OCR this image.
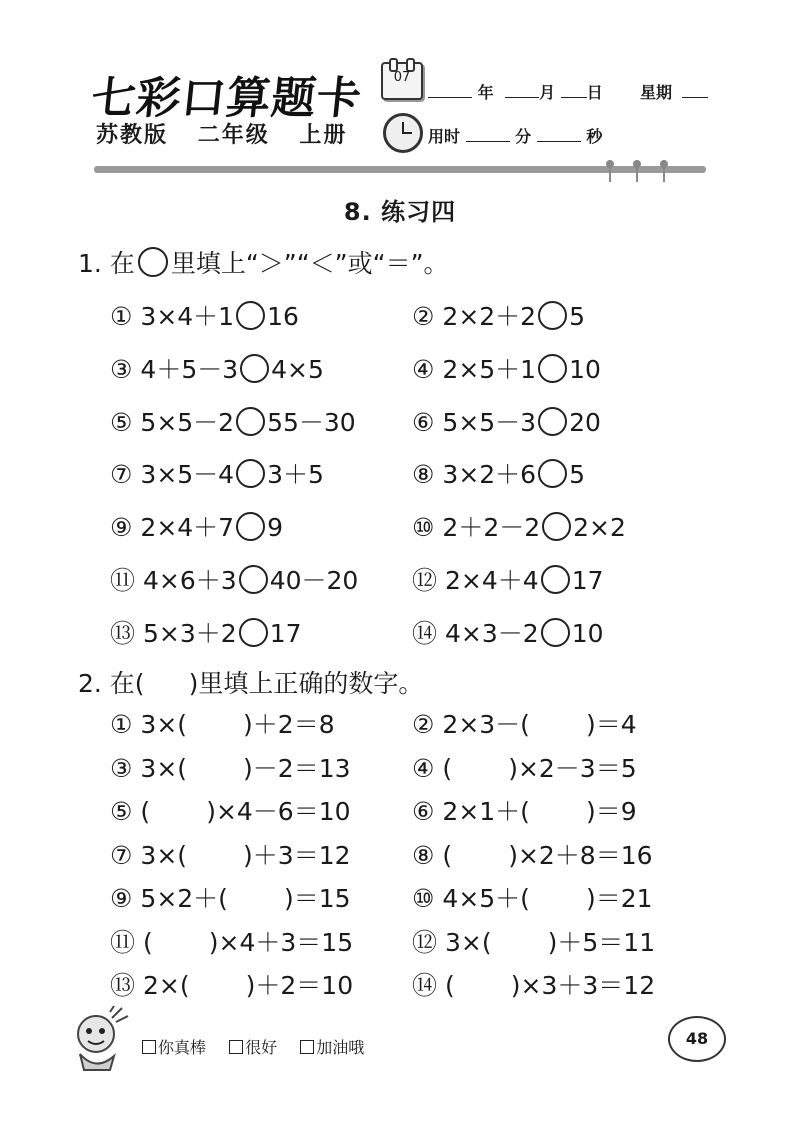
七彩口算题卡
苏教版 二年级 上册
07
年	月 日 星期
用时	分	秒
8. 练习四
1. 在 里填上“＞”“＜”或“＝”。
① 3×4＋1 16	② 2×2＋2 5
③ 4＋5－3 4×5	④ 2×5＋1 10
⑤ 5×5－2 55－30 ⑥ 5×5－3 20
⑦ 3×5－4 3＋5	⑧ 3×2＋6 5
⑨ 2×4＋7 9	⑩ 2＋2－2 2×2
⑪ 4×6＋3 40－20 ⑫ 2×4＋4 17
⑬ 5×3＋2 17	⑭ 4×3－2 10
2. 在( )里填上正确的数字。
① 3×( )＋2＝8	② 2×3－( )＝4
③ 3×( )－2＝13 ④ ( )×2－3＝5
⑤ ( )×4－6＝10 ⑥ 2×1＋( )＝9
⑦ 3×( )＋3＝12 ⑧ ( )×2＋8＝16
⑨ 5×2＋( )＝15 ⑩ 4×5＋( )＝21
⑪ ( )×4＋3＝15 ⑫ 3×( )＋5＝11
⑬ 2×( )＋2＝10 ⑭ ( )×3＋3＝12
你真棒 很好 加油哦	48
